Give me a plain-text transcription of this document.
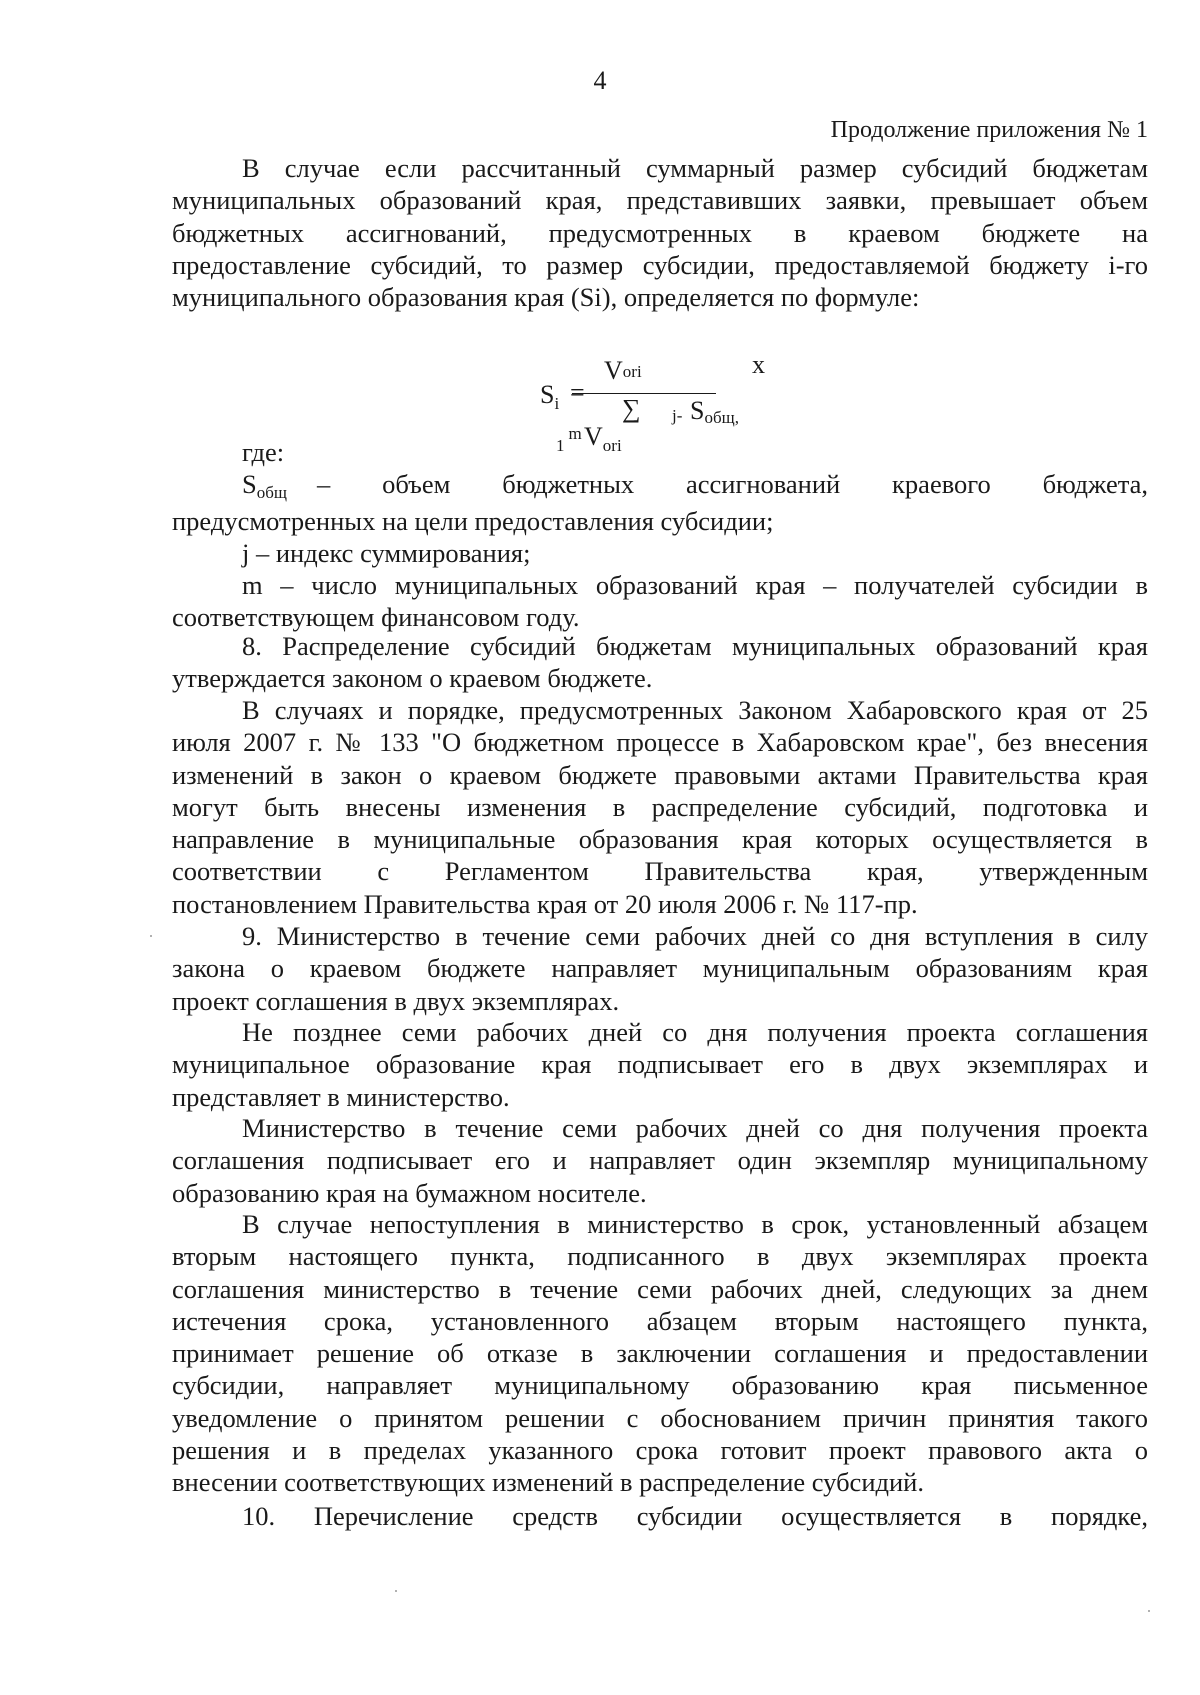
4
Продолжение приложения № 1
В случае если рассчитанный суммарный размер субсидий бюджетам
муниципальных образований края, представивших заявки, превышает объем
бюджетных ассигнований, предусмотренных в краевом бюджете на
предоставление субсидий, то размер субсидии, предоставляемой бюджету i-го
муниципального образования края (Si), определяется по формуле:
$S_i$ =
Vori
∑ j- Sобщ,
x
1m $V_{ori}$
где:
Sобщ	– объем бюджетных ассигнований краевого бюджета,
предусмотренных на цели предоставления субсидии;
j – индекс суммирования;
m – число муниципальных образований края – получателей субсидии в
соответствующем финансовом году.
8. Распределение субсидий бюджетам муниципальных образований края
утверждается законом о краевом бюджете.
В случаях и порядке, предусмотренных Законом Хабаровского края от 25
июля 2007 г. № 133 "О бюджетном процессе в Хабаровском крае", без внесения
изменений в закон о краевом бюджете правовыми актами Правительства края
могут быть внесены изменения в распределение субсидий, подготовка и
направление в муниципальные образования края которых осуществляется в
соответствии с Регламентом Правительства края, утвержденным
постановлением Правительства края от 20 июля 2006 г. № 117-пр.
9. Министерство в течение семи рабочих дней со дня вступления в силу
закона о краевом бюджете направляет муниципальным образованиям края
проект соглашения в двух экземплярах.
Не позднее семи рабочих дней со дня получения проекта соглашения
муниципальное образование края подписывает его в двух экземплярах и
представляет в министерство.
Министерство в течение семи рабочих дней со дня получения проекта
соглашения подписывает его и направляет один экземпляр муниципальному
образованию края на бумажном носителе.
В случае непоступления в министерство в срок, установленный абзацем
вторым настоящего пункта, подписанного в двух экземплярах проекта
соглашения министерство в течение семи рабочих дней, следующих за днем
истечения срока, установленного абзацем вторым настоящего пункта,
принимает решение об отказе в заключении соглашения и предоставлении
субсидии, направляет муниципальному образованию края письменное
уведомление о принятом решении с обоснованием причин принятия такого
решения и в пределах указанного срока готовит проект правового акта о
внесении соответствующих изменений в распределение субсидий.
10. Перечисление средств субсидии осуществляется в порядке,
